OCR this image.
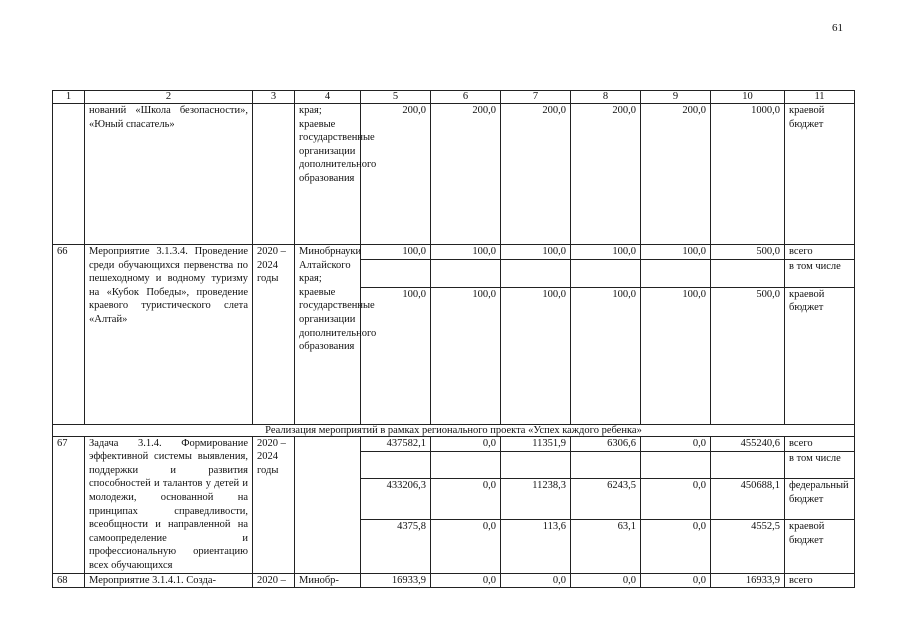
61
1	2	3	4	5	6	7	8	9	10	11
	нований «Школа безопасности», «Юный спасатель»		края; краевые государственные организации дополнительного образования	200,0	200,0	200,0	200,0	200,0	1000,0	краевой бюджет
66	Мероприятие 3.1.3.4. Проведение среди обучающихся первенства по пешеходному и водному туризму на «Кубок Победы», проведение краевого туристического слета «Алтай»	2020 – 2024 годы	Минобрнауки Алтайского края; краевые государственные организации дополнительного образования	100,0	100,0	100,0	100,0	100,0	500,0	всего
										в том числе
				100,0	100,0	100,0	100,0	100,0	500,0	краевой бюджет
Реализация мероприятий в рамках регионального проекта «Успех каждого ребенка»										
67	Задача 3.1.4. Формирование эффективной системы выявления, поддержки и развития способностей и талантов у детей и молодежи, основанной на принципах справедливости, всеобщности и направленной на самоопределение и профессиональную ориентацию всех обучающихся	2020 – 2024 годы		437582,1	0,0	11351,9	6306,6	0,0	455240,6	всего
										в том числе
				433206,3	0,0	11238,3	6243,5	0,0	450688,1	федеральный бюджет
				4375,8	0,0	113,6	63,1	0,0	4552,5	краевой бюджет
68	Мероприятие 3.1.4.1. Созда-	2020 –	Минобр-	16933,9	0,0	0,0	0,0	0,0	16933,9	всего
